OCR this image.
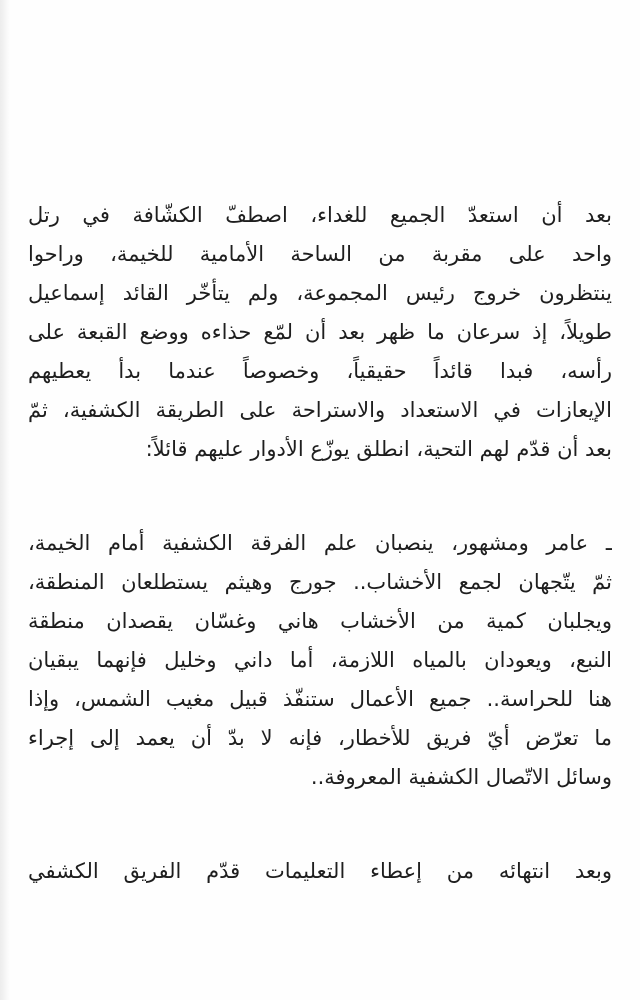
بعد أن استعدّ الجميع للغداء، اصطفّ الكشّافة في رتل
واحد على مقربة من الساحة الأمامية للخيمة، وراحوا
ينتظرون خروج رئيس المجموعة، ولم يتأخّر القائد إسماعيل
طويلاً، إذ سرعان ما ظهر بعد أن لمّع حذاءه ووضع القبعة على
رأسه، فبدا قائداً حقيقياً، وخصوصاً عندما بدأ يعطيهم
الإيعازات في الاستعداد والاستراحة على الطريقة الكشفية، ثمّ
بعد أن قدّم لهم التحية، انطلق يوزّع الأدوار عليهم قائلاً:
ـ عامر ومشهور، ينصبان علم الفرقة الكشفية أمام الخيمة،
ثمّ يتّجهان لجمع الأخشاب.. جورج وهيثم يستطلعان المنطقة،
ويجلبان كمية من الأخشاب هاني وغسّان يقصدان منطقة
النبع، ويعودان بالمياه اللازمة، أما داني وخليل فإنهما يبقيان
هنا للحراسة.. جميع الأعمال ستنفّذ قبيل مغيب الشمس، وإذا
ما تعرّض أيّ فريق للأخطار، فإنه لا بدّ أن يعمد إلى إجراء
وسائل الاتّصال الكشفية المعروفة..
وبعد انتهائه من إعطاء التعليمات قدّم الفريق الكشفي
